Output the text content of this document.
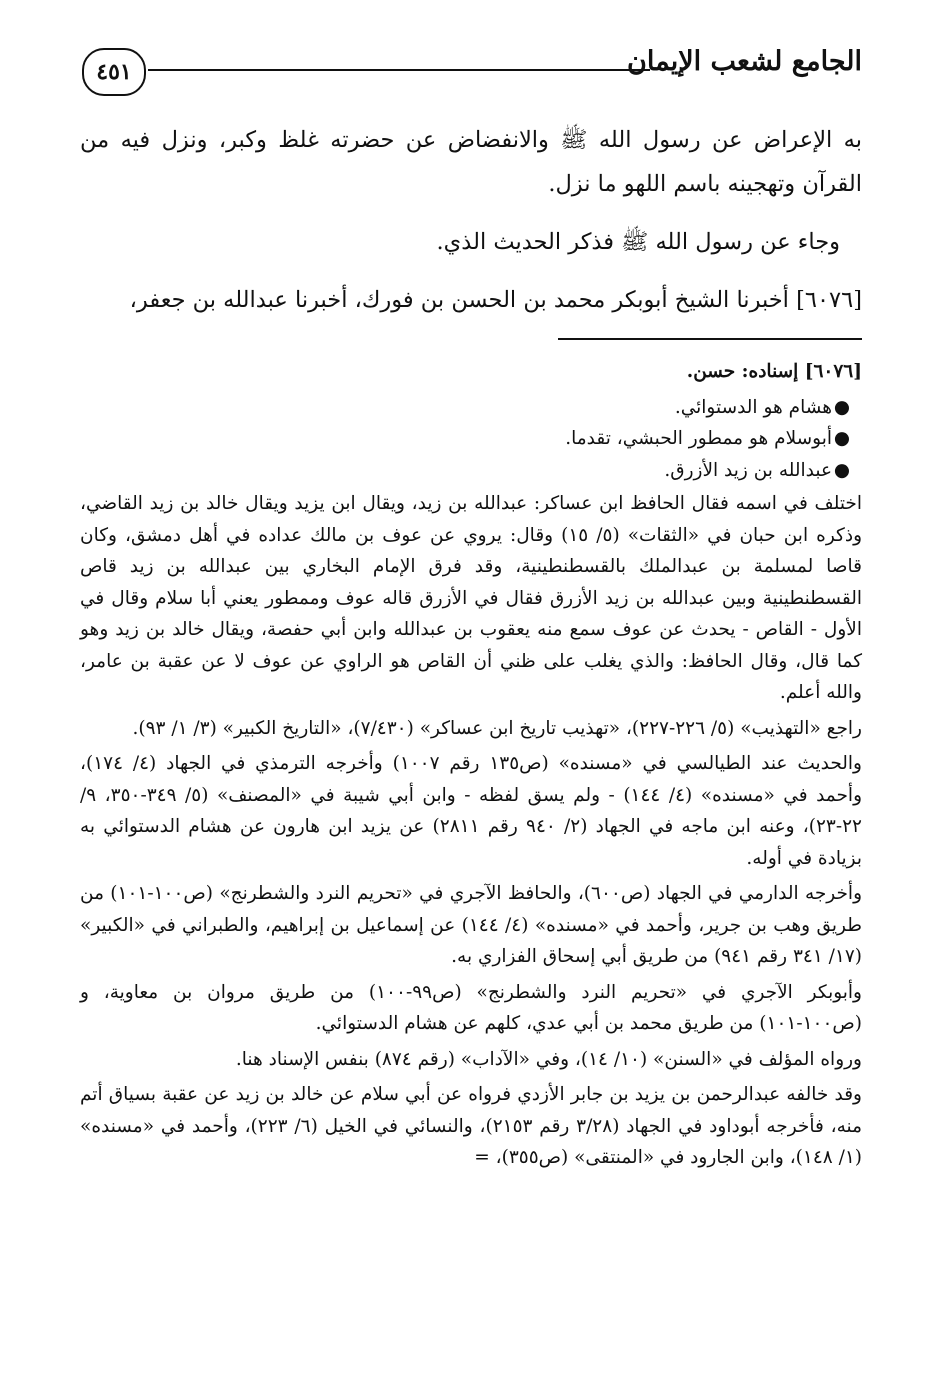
الجامع لشعب الإيمان
٤٥١

به الإعراض عن رسول الله ﷺ والانفضاض عن حضرته غلظ وكبر، ونزل فيه من القرآن وتهجينه باسم اللهو ما نزل.

وجاء عن رسول الله ﷺ فذكر الحديث الذي.

[٦٠٧٦] أخبرنا الشيخ أبوبكر محمد بن الحسن بن فورك، أخبرنا عبدالله بن جعفر،

[٦٠٧٦] إسناده: حسن.

●هشام هو الدستوائي.
●أبوسلام هو ممطور الحبشي، تقدما.
●عبدالله بن زيد الأزرق.

اختلف في اسمه فقال الحافظ ابن عساكر: عبدالله بن زيد، ويقال ابن يزيد ويقال خالد بن زيد القاضي، وذكره ابن حبان في «الثقات» (٥/ ١٥) وقال: يروي عن عوف بن مالك عداده في أهل دمشق، وكان قاصا لمسلمة بن عبدالملك بالقسطنطينية، وقد فرق الإمام البخاري بين عبدالله بن زيد قاص القسطنطينية وبين عبدالله بن زيد الأزرق فقال في الأزرق قاله عوف وممطور يعني أبا سلام وقال في الأول - القاص - يحدث عن عوف سمع منه يعقوب بن عبدالله وابن أبي حفصة، ويقال خالد بن زيد وهو كما قال، وقال الحافظ: والذي يغلب على ظني أن القاص هو الراوي عن عوف لا عن عقبة بن عامر، والله أعلم.

راجع «التهذيب» (٥/ ٢٢٦-٢٢٧)، «تهذيب تاريخ ابن عساكر» (٧/٤٣٠)، «التاريخ الكبير» (٣/ ١/ ٩٣).

والحديث عند الطيالسي في «مسنده» (ص١٣٥ رقم ١٠٠٧) وأخرجه الترمذي في الجهاد (٤/ ١٧٤)، وأحمد في «مسنده» (٤/ ١٤٤) - ولم يسق لفظه - وابن أبي شيبة في «المصنف» (٥/ ٣٤٩-٣٥٠، ٩/ ٢٢-٢٣)، وعنه ابن ماجه في الجهاد (٢/ ٩٤٠ رقم ٢٨١١) عن يزيد ابن هارون عن هشام الدستوائي به بزيادة في أوله.

وأخرجه الدارمي في الجهاد (ص٦٠٠)، والحافظ الآجري في «تحريم النرد والشطرنج» (ص١٠٠-١٠١) من طريق وهب بن جرير، وأحمد في «مسنده» (٤/ ١٤٤) عن إسماعيل بن إبراهيم، والطبراني في «الكبير» (١٧/ ٣٤١ رقم ٩٤١) من طريق أبي إسحاق الفزاري به.

وأبوبكر الآجري في «تحريم النرد والشطرنج» (ص٩٩-١٠٠) من طريق مروان بن معاوية، و (ص١٠٠-١٠١) من طريق محمد بن أبي عدي، كلهم عن هشام الدستوائي.

ورواه المؤلف في «السنن» (١٠/ ١٤)، وفي «الآداب» (رقم ٨٧٤) بنفس الإسناد هنا.

وقد خالفه عبدالرحمن بن يزيد بن جابر الأزدي فرواه عن أبي سلام عن خالد بن زيد عن عقبة بسياق أتم منه، فأخرجه أبوداود في الجهاد (٣/٢٨ رقم ٢١٥٣)، والنسائي في الخيل (٦/ ٢٢٣)، وأحمد في «مسنده» (١/ ١٤٨)، وابن الجارود في «المنتقى» (ص٣٥٥)، =
